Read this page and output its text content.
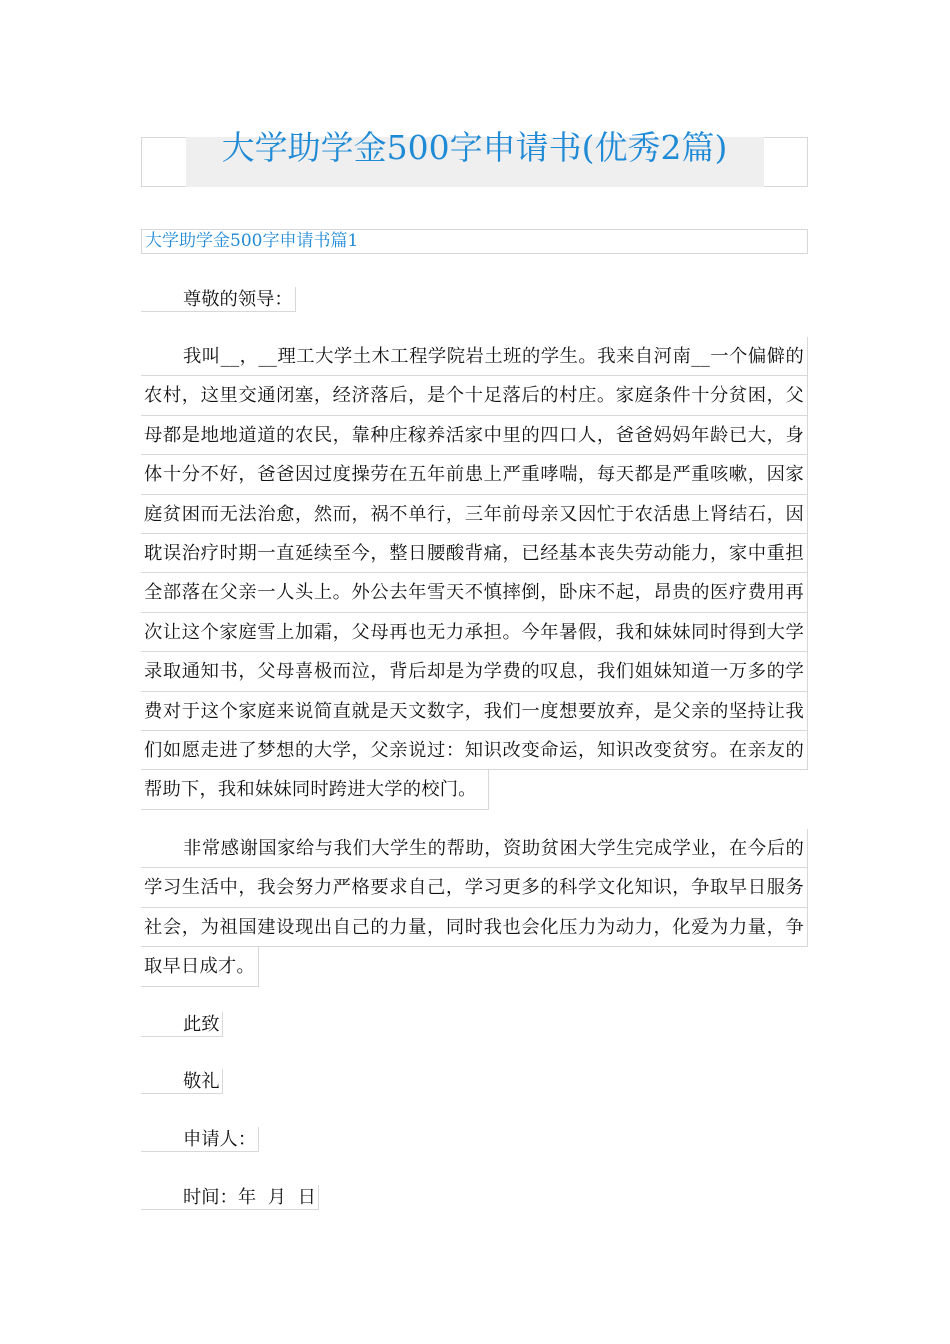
大学助学金500字申请书(优秀2篇)
大学助学金500字申请书篇1
尊敬的领导：
我叫__，__理工大学土木工程学院岩土班的学生。我来自河南__一个偏僻的
农村，这里交通闭塞，经济落后，是个十足落后的村庄。家庭条件十分贫困，父
母都是地地道道的农民，靠种庄稼养活家中里的四口人，爸爸妈妈年龄已大，身
体十分不好，爸爸因过度操劳在五年前患上严重哮喘，每天都是严重咳嗽，因家
庭贫困而无法治愈，然而，祸不单行，三年前母亲又因忙于农活患上肾结石，因
耽误治疗时期一直延续至今，整日腰酸背痛，已经基本丧失劳动能力，家中重担
全部落在父亲一人头上。外公去年雪天不慎摔倒，卧床不起，昂贵的医疗费用再
次让这个家庭雪上加霜，父母再也无力承担。今年暑假，我和妹妹同时得到大学
录取通知书，父母喜极而泣，背后却是为学费的叹息，我们姐妹知道一万多的学
费对于这个家庭来说简直就是天文数字，我们一度想要放弃，是父亲的坚持让我
们如愿走进了梦想的大学，父亲说过：知识改变命运，知识改变贫穷。在亲友的
帮助下，我和妹妹同时跨进大学的校门。
非常感谢国家给与我们大学生的帮助，资助贫困大学生完成学业，在今后的
学习生活中，我会努力严格要求自己，学习更多的科学文化知识，争取早日服务
社会，为祖国建设现出自己的力量，同时我也会化压力为动力，化爱为力量，争
取早日成才。
此致
敬礼
申请人：
时间：年  月  日
